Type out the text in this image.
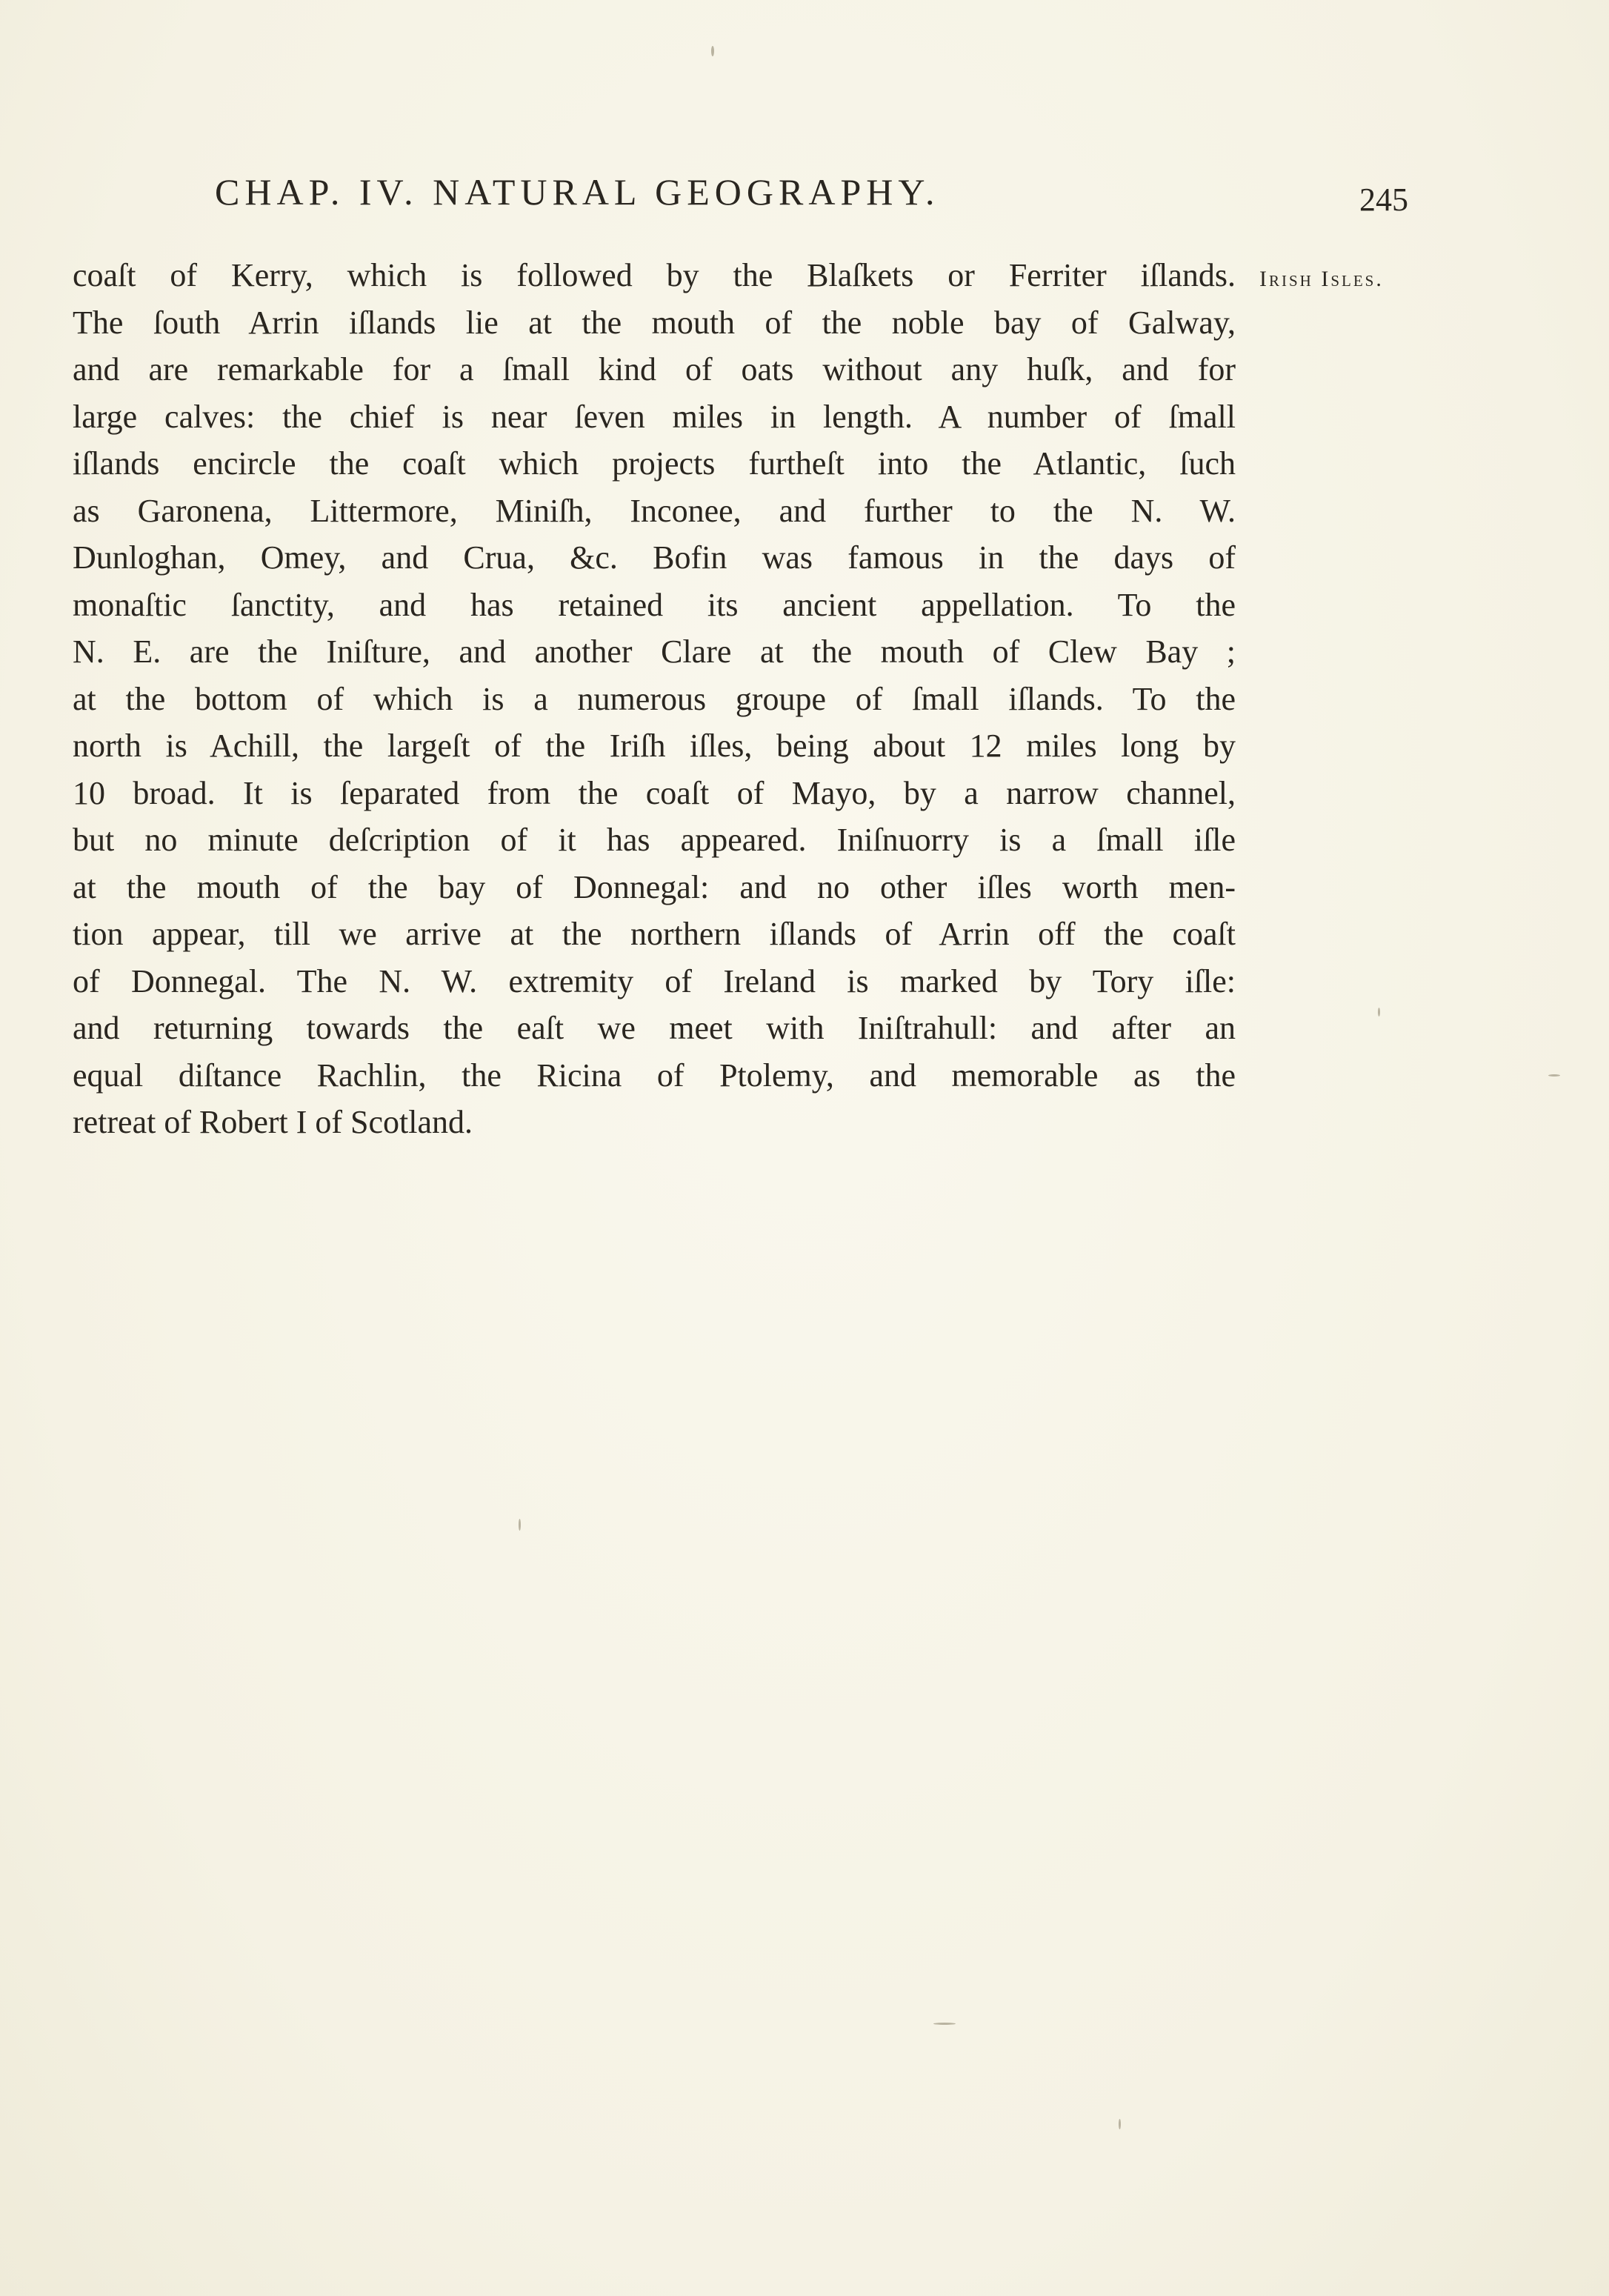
CHAP. IV. NATURAL GEOGRAPHY.	245
Irish Isles.
coaſt of Kerry, which is followed by the Blaſkets or Ferriter iſlands.
The ſouth Arrin iſlands lie at the mouth of the noble bay of Galway,
and are remarkable for a ſmall kind of oats without any huſk, and for
large calves: the chief is near ſeven miles in length. A number of ſmall
iſlands encircle the coaſt which projects furtheſt into the Atlantic, ſuch
as Garonena, Littermore, Miniſh, Inconee, and further to the N. W.
Dunloghan, Omey, and Crua, &c. Bofin was famous in the days of
monaſtic ſanctity, and has retained its ancient appellation. To the
N. E. are the Iniſture, and another Clare at the mouth of Clew Bay ;
at the bottom of which is a numerous groupe of ſmall iſlands. To the
north is Achill, the largeſt of the Iriſh iſles, being about 12 miles long by
10 broad. It is ſeparated from the coaſt of Mayo, by a narrow channel,
but no minute deſcription of it has appeared. Iniſnuorry is a ſmall iſle
at the mouth of the bay of Donnegal: and no other iſles worth men-
tion appear, till we arrive at the northern iſlands of Arrin off the coaſt
of Donnegal. The N. W. extremity of Ireland is marked by Tory iſle:
and returning towards the eaſt we meet with Iniſtrahull: and after an
equal diſtance Rachlin, the Ricina of Ptolemy, and memorable as the
retreat of Robert I of Scotland.
